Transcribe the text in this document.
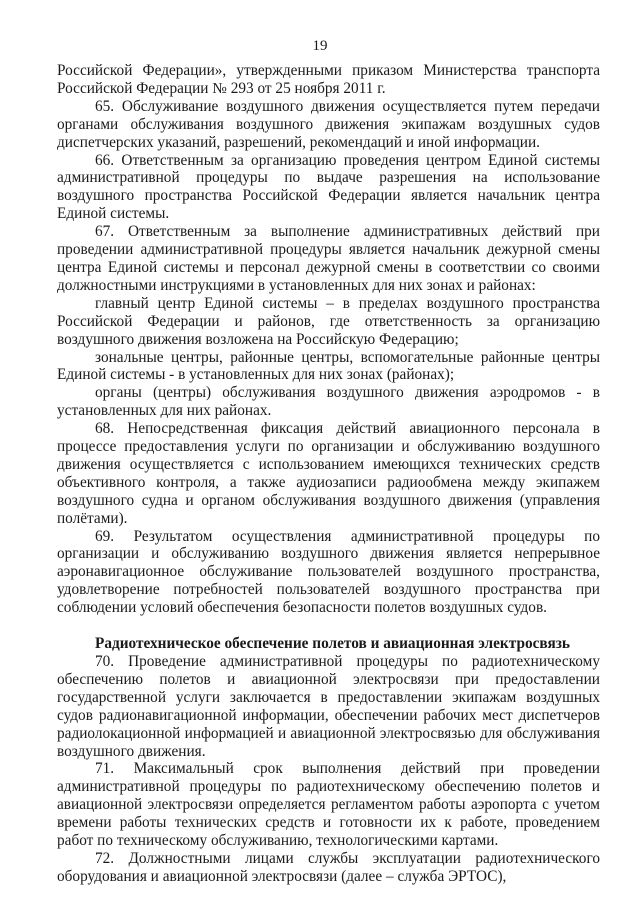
19

Российской Федерации», утвержденными приказом Министерства транспорта Российской Федерации № 293 от 25 ноября 2011 г.

65. Обслуживание воздушного движения осуществляется путем передачи органами обслуживания воздушного движения экипажам воздушных судов диспетчерских указаний, разрешений, рекомендаций и иной информации.

66. Ответственным за организацию проведения центром Единой системы административной процедуры по выдаче разрешения на использование воздушного пространства Российской Федерации является начальник центра Единой системы.

67. Ответственным за выполнение административных действий при проведении административной процедуры является начальник дежурной смены центра Единой системы и персонал дежурной смены в соответствии со своими должностными инструкциями в установленных для них зонах и районах:

главный центр Единой системы – в пределах воздушного пространства Российской Федерации и районов, где ответственность за организацию воздушного движения возложена на Российскую Федерацию;

зональные центры, районные центры, вспомогательные районные центры Единой системы - в установленных для них зонах (районах);

органы (центры) обслуживания воздушного движения аэродромов - в установленных для них районах.

68. Непосредственная фиксация действий авиационного персонала в процессе предоставления услуги по организации и обслуживанию воздушного движения осуществляется с использованием имеющихся технических средств объективного контроля, а также аудиозаписи радиообмена между экипажем воздушного судна и органом обслуживания воздушного движения (управления полётами).

69. Результатом осуществления административной процедуры по организации и обслуживанию воздушного движения является непрерывное аэронавигационное обслуживание пользователей воздушного пространства, удовлетворение потребностей пользователей воздушного пространства при соблюдении условий обеспечения безопасности полетов воздушных судов.

Радиотехническое обеспечение полетов и авиационная электросвязь

70. Проведение административной процедуры по радиотехническому обеспечению полетов и авиационной электросвязи при предоставлении государственной услуги заключается в предоставлении экипажам воздушных судов радионавигационной информации, обеспечении рабочих мест диспетчеров радиолокационной информацией и авиационной электросвязью для обслуживания воздушного движения.

71. Максимальный срок выполнения действий при проведении административной процедуры по радиотехническому обеспечению полетов и авиационной электросвязи определяется регламентом работы аэропорта с учетом времени работы технических средств и готовности их к работе, проведением работ по техническому обслуживанию, технологическими картами.

72. Должностными лицами службы эксплуатации радиотехнического оборудования и авиационной электросвязи (далее – служба ЭРТОС),
